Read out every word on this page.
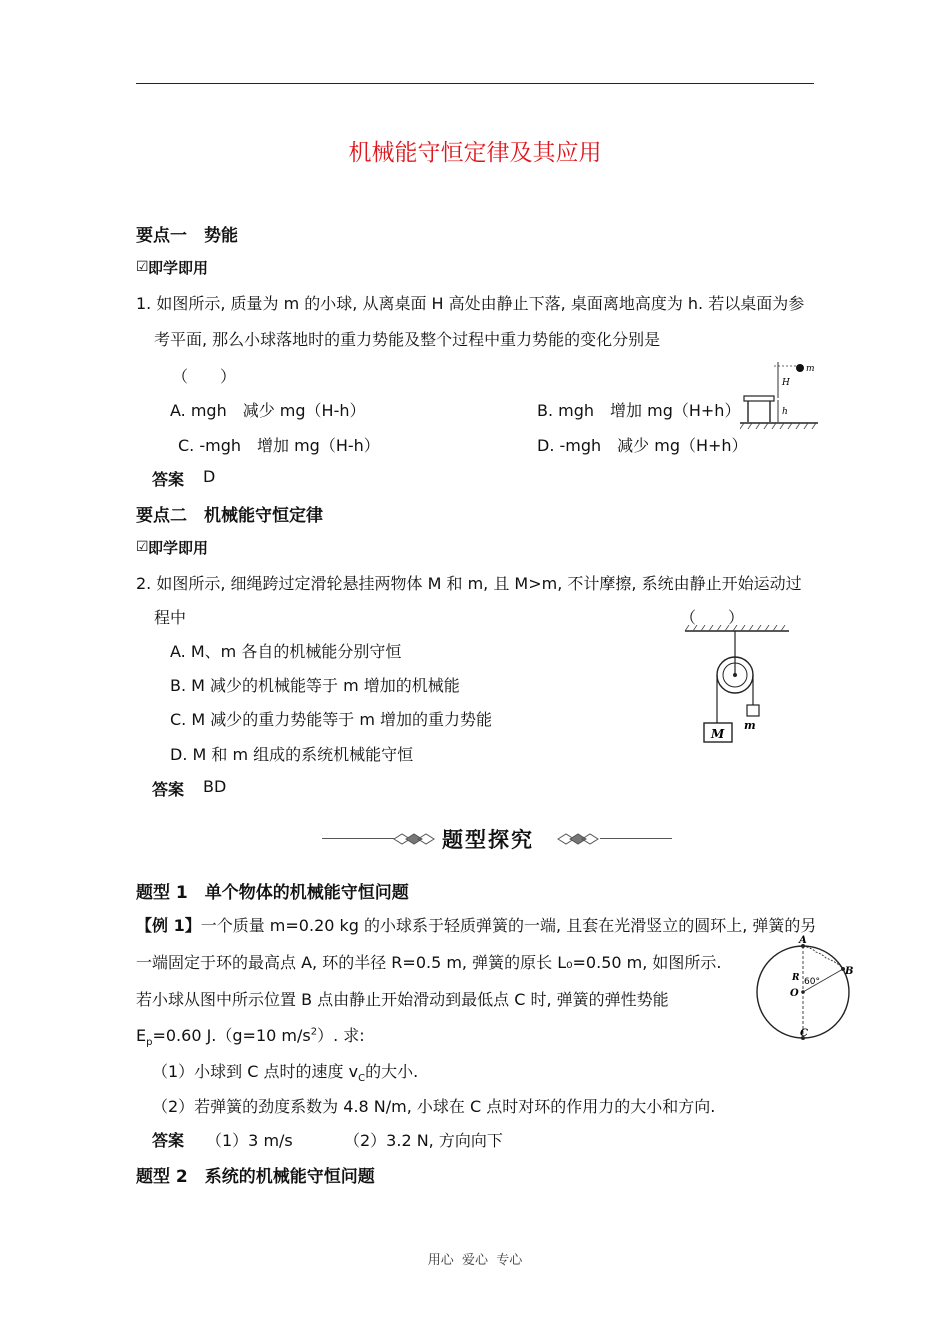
机械能守恒定律及其应用
要点一　势能
☑ 即学即用
1. 如图所示, 质量为 m 的小球, 从离桌面 H 高处由静止下落, 桌面离地高度为 h. 若以桌面为参
考平面, 那么小球落地时的重力势能及整个过程中重力势能的变化分别是
（　　）
A. mgh　减少 mg（H-h）	B. mgh　增加 mg（H+h）
C. -mgh　增加 mg（H-h）	D. -mgh　减少 mg（H+h）
答案 D
m
H
h
要点二　机械能守恒定律
☑ 即学即用
2. 如图所示, 细绳跨过定滑轮悬挂两物体 M 和 m, 且 M>m, 不计摩擦, 系统由静止开始运动过
程中	（　　）
A. M、m 各自的机械能分别守恒
B. M 减少的机械能等于 m 增加的机械能
C. M 减少的重力势能等于 m 增加的重力势能
D. M 和 m 组成的系统机械能守恒
答案 BD
m
M
题型探究
题型 1　单个物体的机械能守恒问题
【例 1】一个质量 m=0.20 kg 的小球系于轻质弹簧的一端, 且套在光滑竖立的圆环上, 弹簧的另
一端固定于环的最高点 A, 环的半径 R=0.5 m, 弹簧的原长 L₀=0.50 m, 如图所示.
若小球从图中所示位置 B 点由静止开始滑动到最低点 C 时, 弹簧的弹性势能
$E_p=0.60$ J.（g=10 $m/s^2$）. 求:
（1）小球到 C 点时的速度 $v_C$的大小.
（2）若弹簧的劲度系数为 4.8 N/m, 小球在 C 点时对环的作用力的大小和方向.
答案 （1）3 m/s	（2）3.2 N, 方向向下
A
B
C
O
R 60°
题型 2　系统的机械能守恒问题
用心  爱心  专心
